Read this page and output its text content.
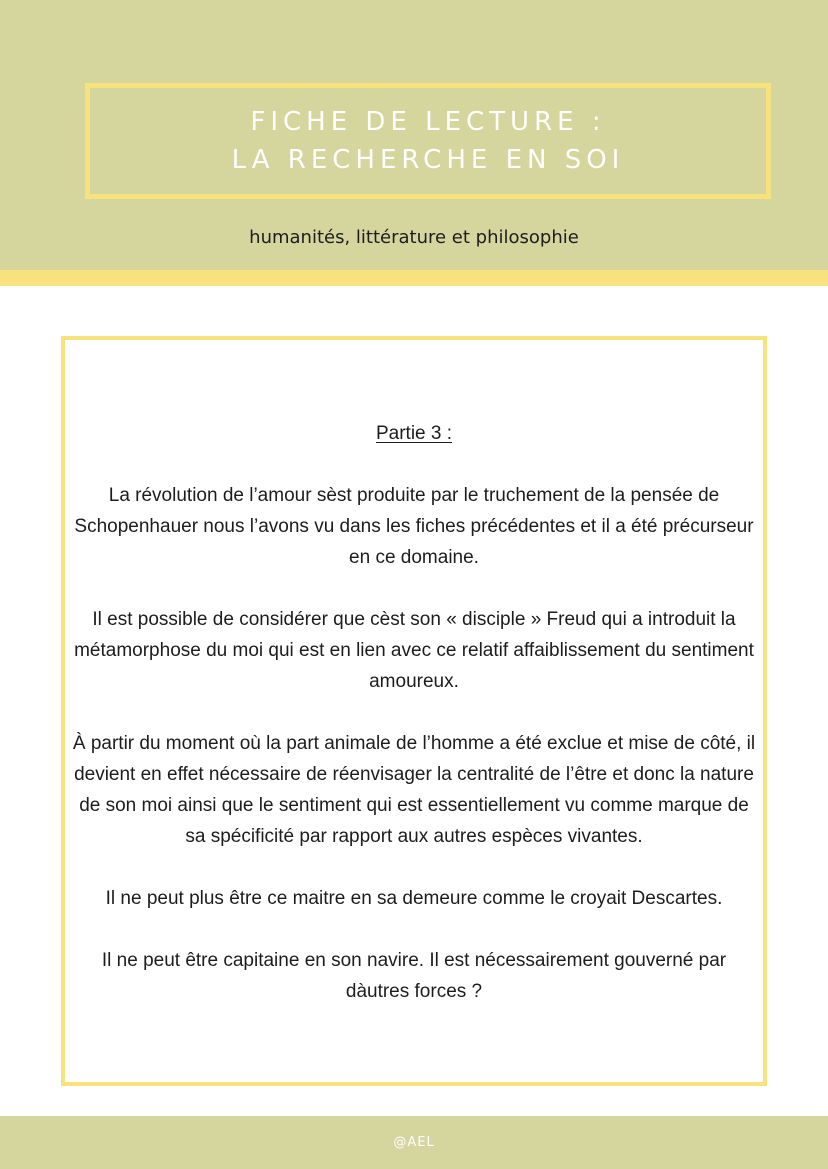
FICHE DE LECTURE :
LA RECHERCHE EN SOI
humanités, littérature et philosophie
Partie 3 :

La révolution de l’amour sèst produite par le truchement de la pensée de Schopenhauer nous l’avons vu dans les fiches précédentes et il a été précurseur en ce domaine.

Il est possible de considérer que cèst son « disciple » Freud qui a introduit la métamorphose du moi qui est en lien avec ce relatif affaiblissement du sentiment amoureux.

À partir du moment où la part animale de l’homme a été exclue et mise de côté, il devient en effet nécessaire de réenvisager la centralité de l’être et donc la nature de son moi ainsi que le sentiment qui est essentiellement vu comme marque de sa spécificité par rapport aux autres espèces vivantes.

Il ne peut plus être ce maitre en sa demeure comme le croyait Descartes.

Il ne peut être capitaine en son navire. Il est nécessairement gouverné par dàutres forces ?

@AEL
